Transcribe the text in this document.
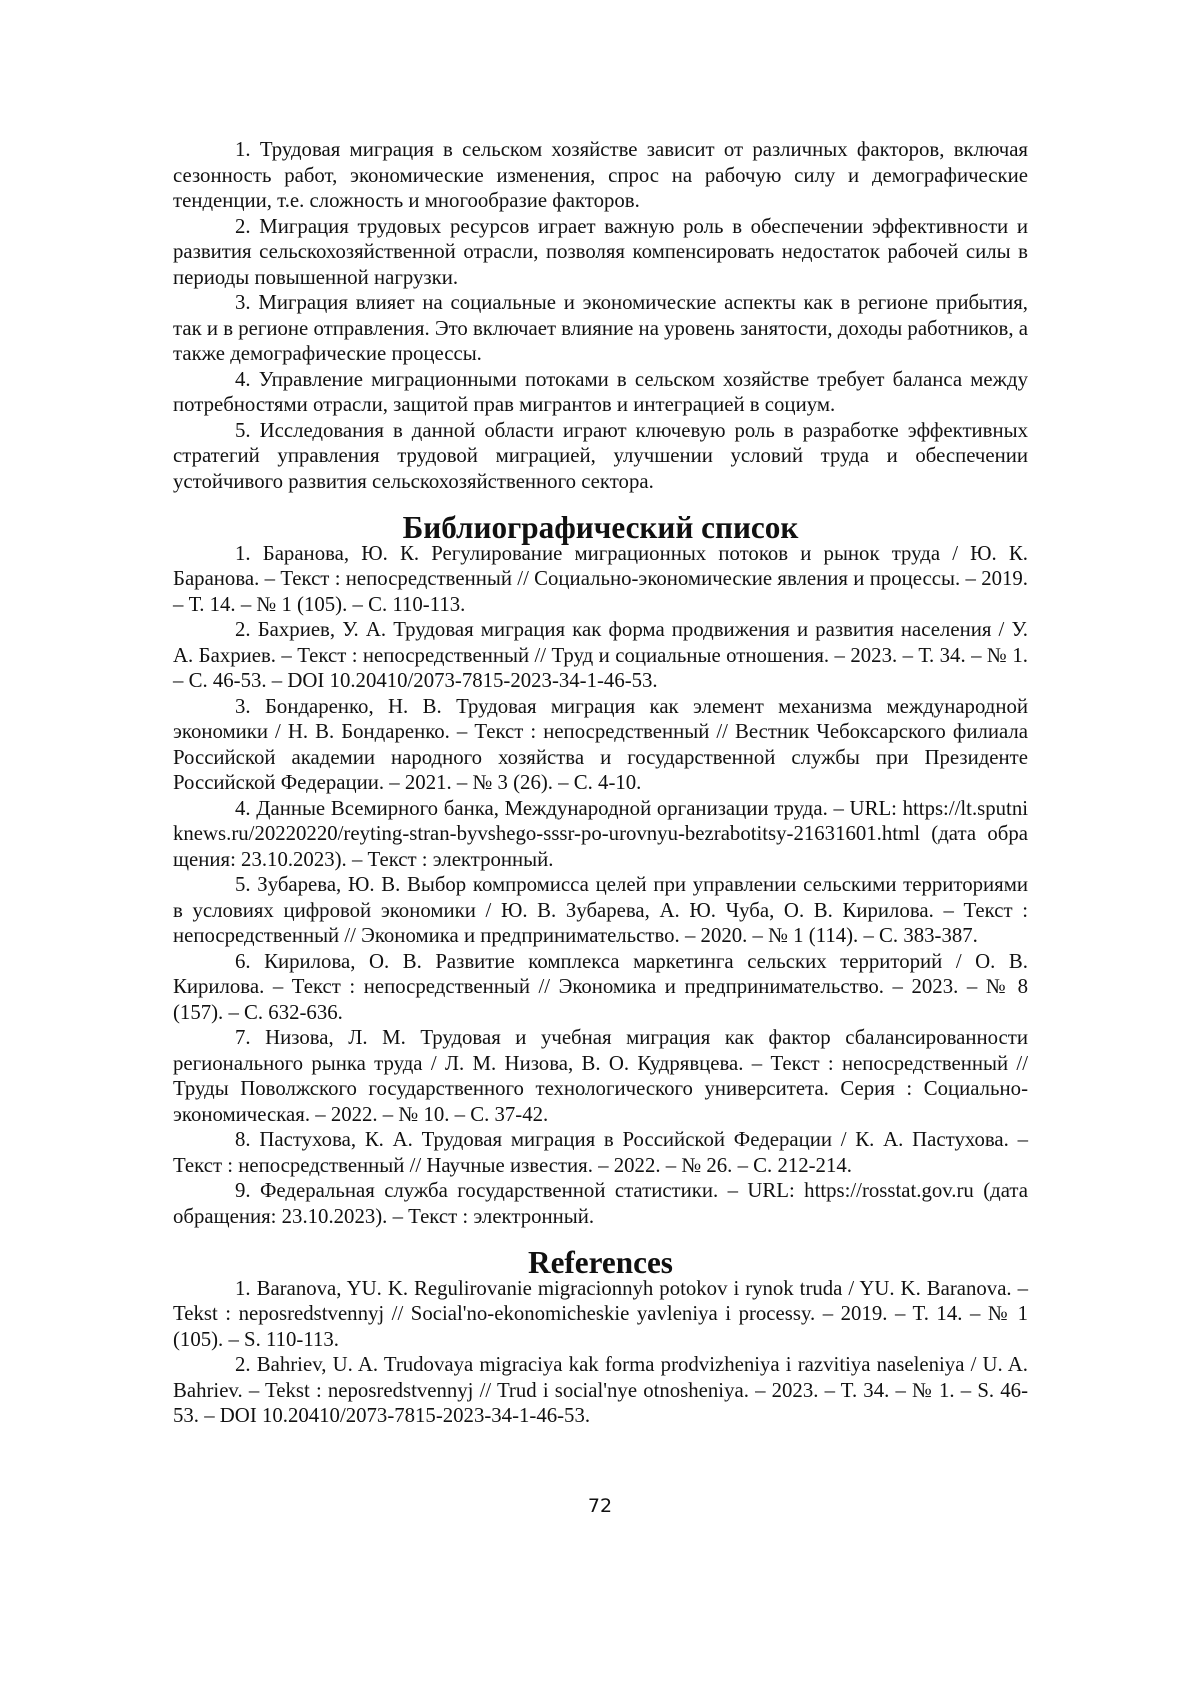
1. Трудовая миграция в сельском хозяйстве зависит от различных факторов, включая сезонность работ, экономические изменения, спрос на рабочую силу и демографические тенденции, т.е. сложность и многообразие факторов.

2. Миграция трудовых ресурсов играет важную роль в обеспечении эффективности и развития сельскохозяйственной отрасли, позволяя компенсировать недостаток рабочей силы в периоды повышенной нагрузки.

3. Миграция влияет на социальные и экономические аспекты как в регионе прибытия, так и в регионе отправления. Это включает влияние на уровень занятости, доходы работников, а также демографические процессы.

4. Управление миграционными потоками в сельском хозяйстве требует баланса между потребностями отрасли, защитой прав мигрантов и интеграцией в социум.

5. Исследования в данной области играют ключевую роль в разработке эффективных стратегий управления трудовой миграцией, улучшении условий труда и обеспечении устойчивого развития сельскохозяйственного сектора.

Библиографический список

1. Баранова, Ю. К. Регулирование миграционных потоков и рынок труда / Ю. К. Баранова. – Текст : непосредственный // Социально-экономические явления и процессы. – 2019. – Т. 14. – № 1 (105). – С. 110-113.

2. Бахриев, У. А. Трудовая миграция как форма продвижения и развития населения / У. А. Бахриев. – Текст : непосредственный // Труд и социальные отношения. – 2023. – Т. 34. – № 1. – С. 46-53. – DOI 10.20410/2073-7815-2023-34-1-46-53.

3. Бондаренко, Н. В. Трудовая миграция как элемент механизма международной экономики / Н. В. Бондаренко. – Текст : непосредственный // Вестник Чебоксарского филиала Российской академии народного хозяйства и государственной службы при Президенте Российской Федерации. – 2021. – № 3 (26). – С. 4-10.

4. Данные Всемирного банка, Международной организации труда. – URL: https://lt.sputniknews.ru/20220220/reyting-stran-byvshego-sssr-po-urovnyu-bezrabotitsy-21631601.html (дата обращения: 23.10.2023). – Текст : электронный.

5. Зубарева, Ю. В. Выбор компромисса целей при управлении сельскими территориями в условиях цифровой экономики / Ю. В. Зубарева, А. Ю. Чуба, О. В. Кирилова. – Текст : непосредственный // Экономика и предпринимательство. – 2020. – № 1 (114). – С. 383-387.

6. Кирилова, О. В. Развитие комплекса маркетинга сельских территорий / О. В. Кирилова. – Текст : непосредственный // Экономика и предпринимательство. – 2023. – № 8 (157). – С. 632-636.

7. Низова, Л. М. Трудовая и учебная миграция как фактор сбалансированности регионального рынка труда / Л. М. Низова, В. О. Кудрявцева. – Текст : непосредственный // Труды Поволжского государственного технологического университета. Серия : Социально-экономическая. – 2022. – № 10. – С. 37-42.

8. Пастухова, К. А. Трудовая миграция в Российской Федерации / К. А. Пастухова. – Текст : непосредственный // Научные известия. – 2022. – № 26. – С. 212-214.

9. Федеральная служба государственной статистики. – URL: https://rosstat.gov.ru (дата обращения: 23.10.2023). – Текст : электронный.

References

1. Baranova, YU. K. Regulirovanie migracionnyh potokov i rynok truda / YU. K. Baranova. – Tekst : neposredstvennyj // Social'no-ekonomicheskie yavleniya i processy. – 2019. – T. 14. – № 1 (105). – S. 110-113.

2. Bahriev, U. A. Trudovaya migraciya kak forma prodvizheniya i razvitiya naseleniya / U. A. Bahriev. – Tekst : neposredstvennyj // Trud i social'nye otnosheniya. – 2023. – T. 34. – № 1. – S. 46-53. – DOI 10.20410/2073-7815-2023-34-1-46-53.

72
